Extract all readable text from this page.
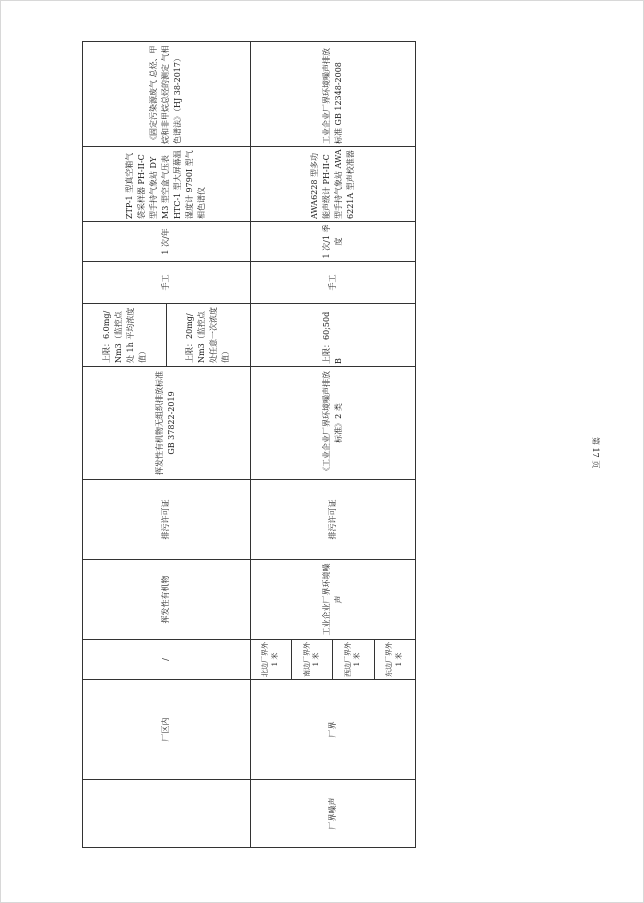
	厂区内	/	挥发性有机物	排污许可证	挥发性有机物无组织排放标准 GB 37822-2019	上限：6.0mg/Nm3（监控点处 1h 平均浓度值） 上限：20mg/Nm3（监控点处任意一次浓度值）	手工	1 次/年	ZTP-1 型真空箱气袋采样器 PH-II-C 型手持气象站 DYM3 型空盒气压表 HTC-1 型大屏幕温湿度计 9790I 型气相色谱仪	《固定污染源废气 总烃、甲烷和非甲烷总烃的测定 气相色谱法》（HJ 38-2017）
厂界噪声	厂界	北边厂界外 1 米	工业企业厂界环境噪声	排污许可证	《工业企业厂界环境噪声排放标准》2 类	上限：60;50dB	手工	1 次/1 季度	AWA6228 型多功能声级计 PH-II-C 型手持气象站 AWA6221A 型声校准器	工业企业厂界环境噪声排放标准 GB 12348-2008
		南边厂界外 1 米								
		西边厂界外 1 米								
		东边厂界外 1 米								
第 17 页
